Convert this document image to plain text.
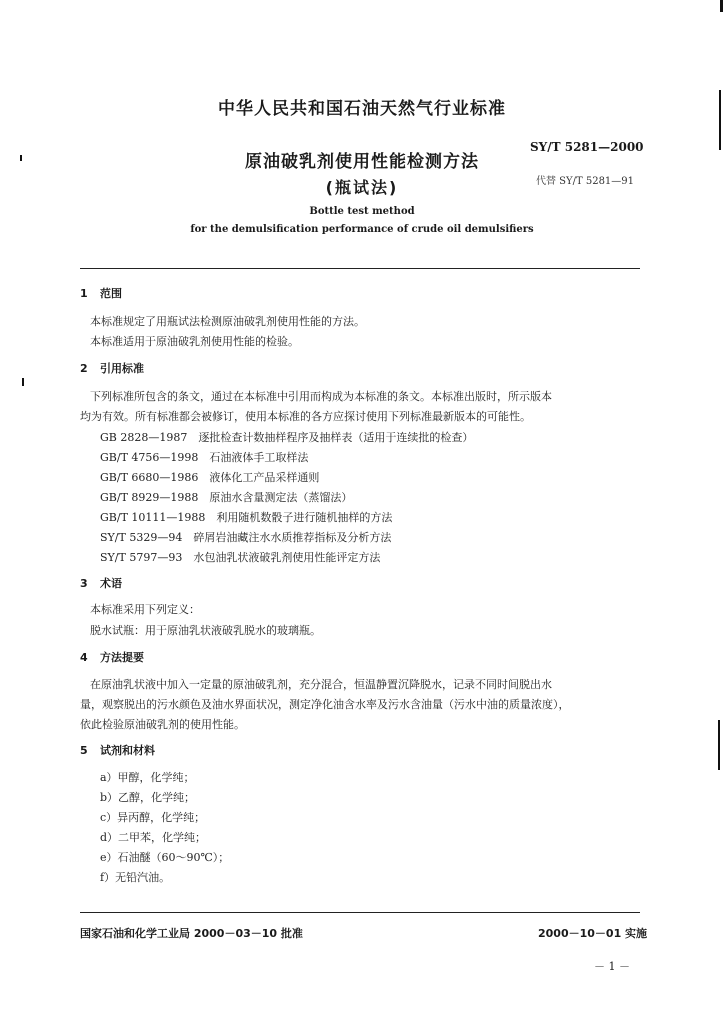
中华人民共和国石油天然气行业标准
SY/T 5281—2000
代替 SY/T 5281—91
原油破乳剂使用性能检测方法
(瓶试法)
Bottle test method
for the demulsification performance of crude oil demulsifiers
1 范围
本标准规定了用瓶试法检测原油破乳剂使用性能的方法。
本标准适用于原油破乳剂使用性能的检验。
2 引用标准
下列标准所包含的条文，通过在本标准中引用而构成为本标准的条文。本标准出版时，所示版本
均为有效。所有标准都会被修订，使用本标准的各方应探讨使用下列标准最新版本的可能性。
GB 2828—1987　逐批检查计数抽样程序及抽样表（适用于连续批的检查）
GB/T 4756—1998　石油液体手工取样法
GB/T 6680—1986　液体化工产品采样通则
GB/T 8929—1988　原油水含量测定法（蒸馏法）
GB/T 10111—1988　利用随机数骰子进行随机抽样的方法
SY/T 5329—94　碎屑岩油藏注水水质推荐指标及分析方法
SY/T 5797—93　水包油乳状液破乳剂使用性能评定方法
3 术语
本标准采用下列定义：
脱水试瓶：用于原油乳状液破乳脱水的玻璃瓶。
4 方法提要
在原油乳状液中加入一定量的原油破乳剂，充分混合，恒温静置沉降脱水，记录不同时间脱出水
量，观察脱出的污水颜色及油水界面状况，测定净化油含水率及污水含油量（污水中油的质量浓度），
依此检验原油破乳剂的使用性能。
5 试剂和材料
a）甲醇，化学纯；
b）乙醇，化学纯；
c）异丙醇，化学纯；
d）二甲苯，化学纯；
e）石油醚（60～90℃）；
f）无铅汽油。
国家石油和化学工业局 2000－03－10 批准	2000－10－01 实施
－ 1 －
